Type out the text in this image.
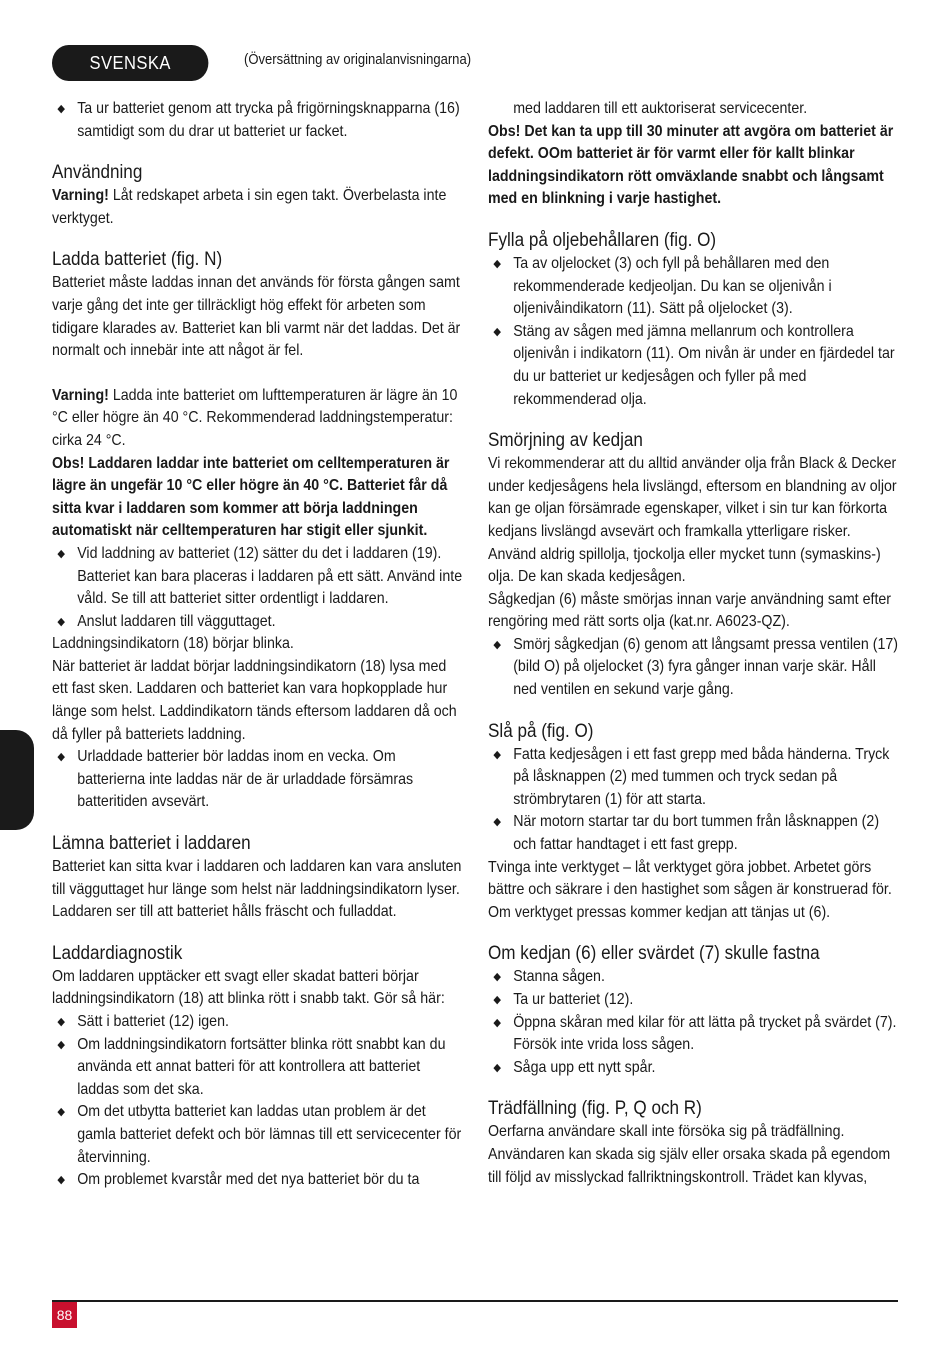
SVENSKA	(Översättning av originalanvisningarna)
◆ Ta ur batteriet genom att trycka på frigörningsknapparna (16) samtidigt som du drar ut batteriet ur facket.
Användning

Varning! Låt redskapet arbeta i sin egen takt. Överbelasta inte verktyget.

Ladda batteriet (fig. N)

Batteriet måste laddas innan det används för första gången samt varje gång det inte ger tillräckligt hög effekt för arbeten som tidigare klarades av. Batteriet kan bli varmt när det laddas. Det är normalt och innebär inte att något är fel.

Varning! Ladda inte batteriet om lufttemperaturen är lägre än 10 °C eller högre än 40 °C. Rekommenderad laddningstemperatur: cirka 24 °C.

Obs! Laddaren laddar inte batteriet om celltemperaturen är lägre än ungefär 10 °C eller högre än 40 °C. Batteriet får då sitta kvar i laddaren som kommer att börja laddningen automatiskt när celltemperaturen har stigit eller sjunkit.

◆ Vid laddning av batteriet (12) sätter du det i laddaren (19). Batteriet kan bara placeras i laddaren på ett sätt. Använd inte våld. Se till att batteriet sitter ordentligt i laddaren.
◆ Anslut laddaren till vägguttaget.

Laddningsindikatorn (18) börjar blinka.

När batteriet är laddat börjar laddningsindikatorn (18) lysa med ett fast sken. Laddaren och batteriet kan vara hopkopplade hur länge som helst. Laddindikatorn tänds eftersom laddaren då och då fyller på batteriets laddning.

◆ Urladdade batterier bör laddas inom en vecka. Om batterierna inte laddas när de är urladdade försämras batteritiden avsevärt.
Lämna batteriet i laddaren

Batteriet kan sitta kvar i laddaren och laddaren kan vara ansluten till vägguttaget hur länge som helst när laddningsindikatorn lyser. Laddaren ser till att batteriet hålls fräscht och fulladdat.

Laddardiagnostik

Om laddaren upptäcker ett svagt eller skadat batteri börjar laddningsindikatorn (18) att blinka rött i snabb takt. Gör så här:

◆ Sätt i batteriet (12) igen.
◆ Om laddningsindikatorn fortsätter blinka rött snabbt kan du använda ett annat batteri för att kontrollera att batteriet laddas som det ska.
◆ Om det utbytta batteriet kan laddas utan problem är det gamla batteriet defekt och bör lämnas till ett servicecenter för återvinning.
◆ Om problemet kvarstår med det nya batteriet bör du ta

med laddaren till ett auktoriserat servicecenter.

Obs! Det kan ta upp till 30 minuter att avgöra om batteriet är defekt. OOm batteriet är för varmt eller för kallt blinkar laddningsindikatorn rött omväxlande snabbt och långsamt med en blinkning i varje hastighet.

Fylla på oljebehållaren (fig. O)
◆ Ta av oljelocket (3) och fyll på behållaren med den rekommenderade kedjeoljan. Du kan se oljenivån i oljenivåindikatorn (11). Sätt på oljelocket (3).
◆ Stäng av sågen med jämna mellanrum och kontrollera oljenivån i indikatorn (11). Om nivån är under en fjärdedel tar du ur batteriet ur kedjesågen och fyller på med rekommenderad olja.
Smörjning av kedjan

Vi rekommenderar att du alltid använder olja från Black & Decker under kedjesågens hela livslängd, eftersom en blandning av oljor kan ge oljan försämrade egenskaper, vilket i sin tur kan förkorta kedjans livslängd avsevärt och framkalla ytterligare risker.

Använd aldrig spillolja, tjockolja eller mycket tunn (symaskins-) olja. De kan skada kedjesågen.

Sågkedjan (6) måste smörjas innan varje användning samt efter rengöring med rätt sorts olja (kat.nr. A6023-QZ).

◆ Smörj sågkedjan (6) genom att långsamt pressa ventilen (17) (bild O) på oljelocket (3) fyra gånger innan varje skär. Håll ned ventilen en sekund varje gång.
Slå på (fig. O)
◆ Fatta kedjesågen i ett fast grepp med båda händerna. Tryck på låsknappen (2) med tummen och tryck sedan på strömbrytaren (1) för att starta.
◆ När motorn startar tar du bort tummen från låsknappen (2) och fattar handtaget i ett fast grepp.

Tvinga inte verktyget – låt verktyget göra jobbet. Arbetet görs bättre och säkrare i den hastighet som sågen är konstruerad för. Om verktyget pressas kommer kedjan att tänjas ut (6).

Om kedjan (6) eller svärdet (7) skulle fastna
◆ Stanna sågen.
◆ Ta ur batteriet (12).
◆ Öppna skåran med kilar för att lätta på trycket på svärdet (7). Försök inte vrida loss sågen.
◆ Såga upp ett nytt spår.
Trädfällning (fig. P, Q och R)

Oerfarna användare skall inte försöka sig på trädfällning. Användaren kan skada sig själv eller orsaka skada på egendom till följd av misslyckad fallriktningskontroll. Trädet kan klyvas,

88
